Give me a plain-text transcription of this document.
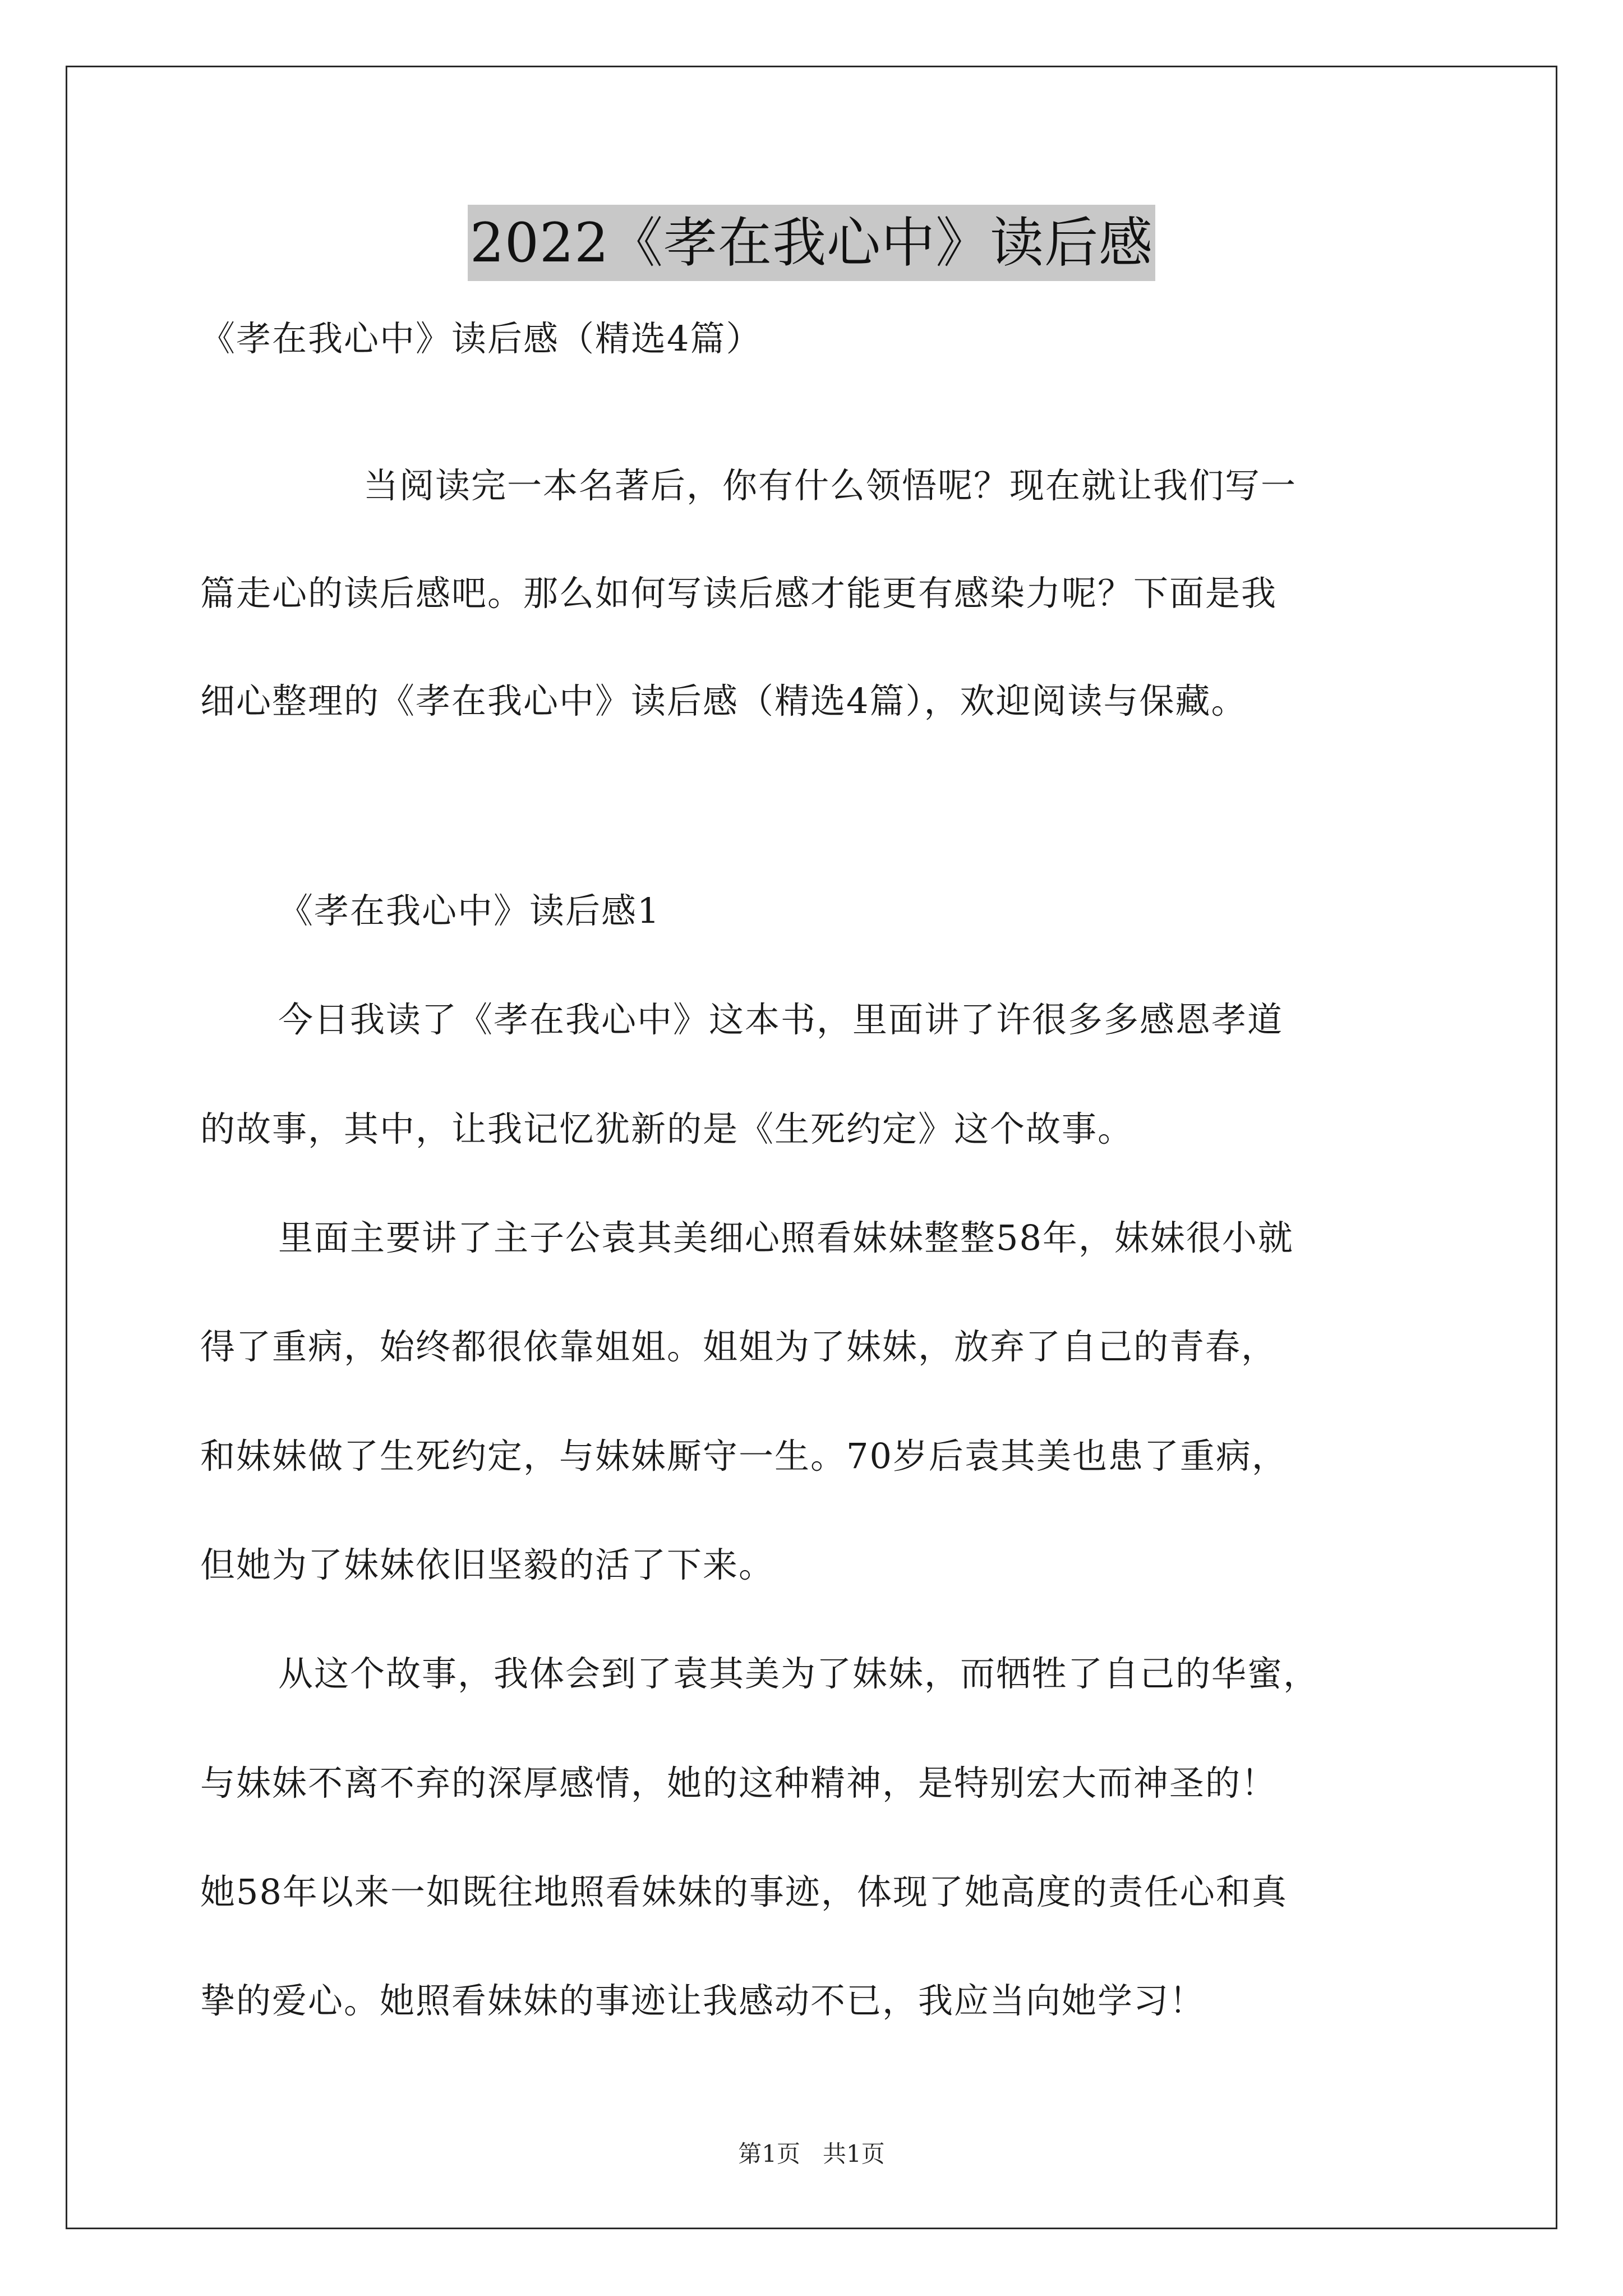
2022《孝在我心中》读后感
《孝在我心中》读后感（精选4篇）
当阅读完一本名著后，你有什么领悟呢？现在就让我们写一
篇走心的读后感吧。那么如何写读后感才能更有感染力呢？下面是我
细心整理的《孝在我心中》读后感（精选4篇），欢迎阅读与保藏。
《孝在我心中》读后感1
今日我读了《孝在我心中》这本书，里面讲了许很多多感恩孝道
的故事，其中，让我记忆犹新的是《生死约定》这个故事。
里面主要讲了主子公袁其美细心照看妹妹整整58年，妹妹很小就
得了重病，始终都很依靠姐姐。姐姐为了妹妹，放弃了自己的青春，
和妹妹做了生死约定，与妹妹厮守一生。70岁后袁其美也患了重病，
但她为了妹妹依旧坚毅的活了下来。
从这个故事，我体会到了袁其美为了妹妹，而牺牲了自己的华蜜，
与妹妹不离不弃的深厚感情，她的这种精神，是特别宏大而神圣的！
她58年以来一如既往地照看妹妹的事迹，体现了她高度的责任心和真
挚的爱心。她照看妹妹的事迹让我感动不已，我应当向她学习！
第1页   共1页
